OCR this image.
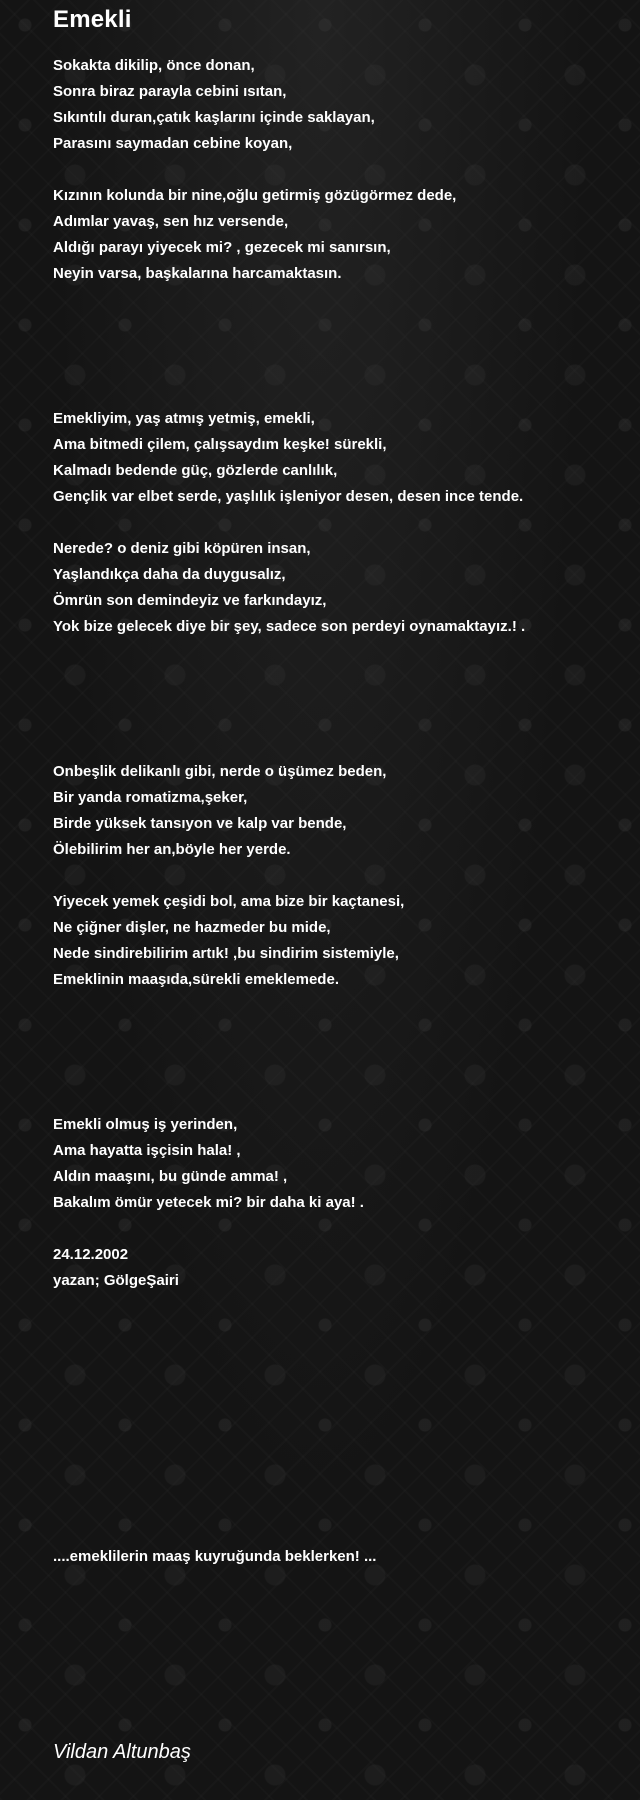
Emekli
Sokakta dikilip, önce donan,
Sonra biraz parayla cebini ısıtan,
Sıkıntılı duran,çatık kaşlarını içinde saklayan,
Parasını saymadan cebine koyan,
Kızının kolunda bir nine,oğlu getirmiş gözügörmez dede,
Adımlar yavaş, sen hız versende,
Aldığı parayı yiyecek mi? , gezecek mi sanırsın,
Neyin varsa, başkalarına harcamaktasın.
Emekliyim, yaş atmış yetmiş, emekli,
Ama bitmedi çilem, çalışsaydım keşke! sürekli,
Kalmadı bedende güç, gözlerde canlılık,
Gençlik var elbet serde, yaşlılık işleniyor desen, desen ince tende.
Nerede? o deniz gibi köpüren insan,
Yaşlandıkça daha da duygusalız,
Ömrün son demindeyiz ve farkındayız,
Yok bize gelecek diye bir şey, sadece son perdeyi oynamaktayız.! .
Onbeşlik delikanlı gibi, nerde o üşümez beden,
Bir yanda romatizma,şeker,
Birde yüksek tansıyon ve kalp var bende,
Ölebilirim her an,böyle her yerde.
Yiyecek yemek çeşidi bol, ama bize bir kaçtanesi,
Ne çiğner dişler, ne hazmeder bu mide,
Nede sindirebilirim artık! ,bu sindirim sistemiyle,
Emeklinin maaşıda,sürekli emeklemede.
Emekli olmuş iş yerinden,
Ama hayatta işçisin hala! ,
Aldın maaşını, bu günde amma! ,
Bakalım ömür yetecek mi? bir daha ki aya! .
24.12.2002
yazan; GölgeŞairi
....emeklilerin maaş kuyruğunda beklerken! ...
Vildan Altunbaş
